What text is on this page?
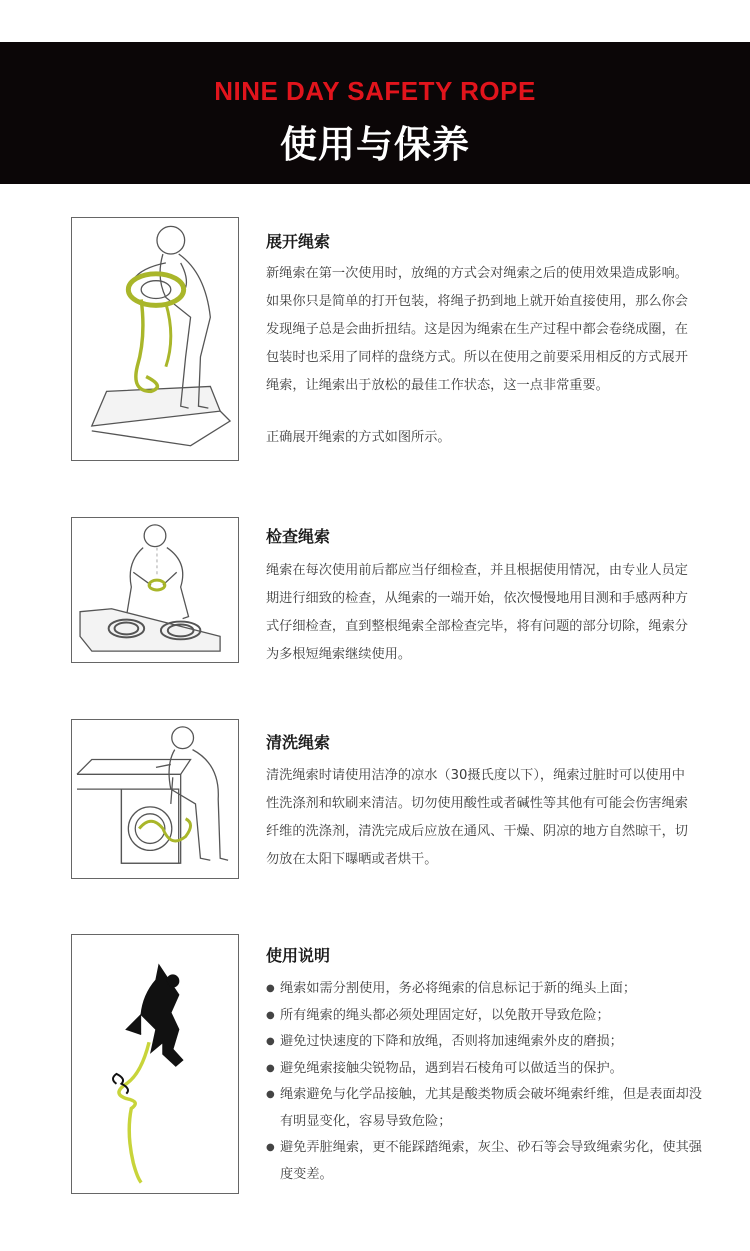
NINE DAY SAFETY ROPE
使用与保养
展开绳索

新绳索在第一次使用时，放绳的方式会对绳索之后的使用效果造成影响。如果你只是简单的打开包装，将绳子扔到地上就开始直接使用，那么你会发现绳子总是会曲折扭结。这是因为绳索在生产过程中都会卷绕成圈，在包装时也采用了同样的盘绕方式。所以在使用之前要采用相反的方式展开绳索，让绳索出于放松的最佳工作状态，这一点非常重要。

正确展开绳索的方式如图所示。

检查绳索

绳索在每次使用前后都应当仔细检查，并且根据使用情况，由专业人员定期进行细致的检查，从绳索的一端开始，依次慢慢地用目测和手感两种方式仔细检查，直到整根绳索全部检查完毕，将有问题的部分切除，绳索分为多根短绳索继续使用。

清洗绳索

清洗绳索时请使用洁净的凉水（30摄氏度以下），绳索过脏时可以使用中性洗涤剂和软刷来清洁。切勿使用酸性或者碱性等其他有可能会伤害绳索纤维的洗涤剂，清洗完成后应放在通风、干燥、阴凉的地方自然晾干，切勿放在太阳下曝晒或者烘干。

使用说明
● 绳索如需分割使用，务必将绳索的信息标记于新的绳头上面；
● 所有绳索的绳头都必须处理固定好，以免散开导致危险；
● 避免过快速度的下降和放绳，否则将加速绳索外皮的磨损；
● 避免绳索接触尖锐物品，遇到岩石棱角可以做适当的保护。
● 绳索避免与化学品接触，尤其是酸类物质会破坏绳索纤维，但是表面却没有明显变化，容易导致危险；
● 避免弄脏绳索，更不能踩踏绳索，灰尘、砂石等会导致绳索劣化，使其强度变差。
